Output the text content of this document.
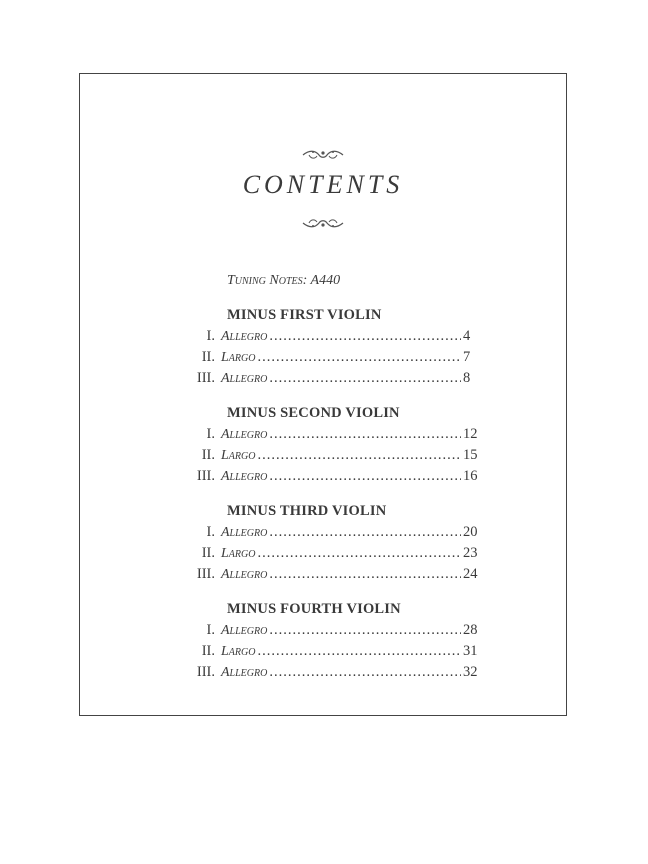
CONTENTS
Tuning Notes: A440
MINUS FIRST VIOLIN
I. Allegro .....	4
II. Largo .....	7
III. Allegro .....	8
MINUS SECOND VIOLIN
I. Allegro .....	12
II. Largo .....	15
III. Allegro .....	16
MINUS THIRD VIOLIN
I. Allegro .....	20
II. Largo .....	23
III. Allegro .....	24
MINUS FOURTH VIOLIN
I. Allegro .....	28
II. Largo .....	31
III. Allegro .....	32
